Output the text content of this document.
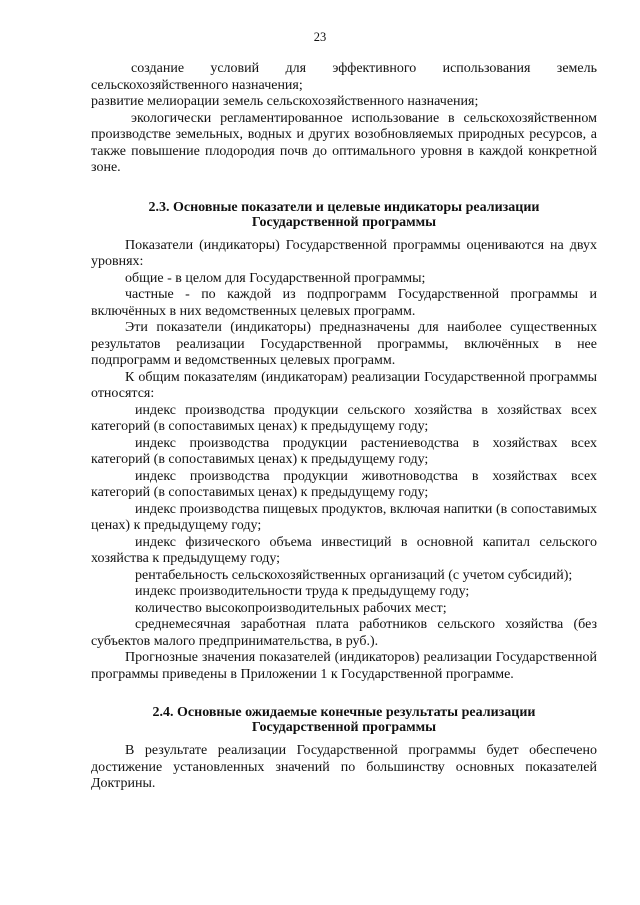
23

создание условий для эффективного использования земель сельскохозяйственного назначения;

развитие мелиорации земель сельскохозяйственного назначения;

экологически регламентированное использование в сельскохозяйственном производстве земельных, водных и других возобновляемых природных ресурсов, а также повышение плодородия почв до оптимального уровня в каждой конкретной зоне.

2.3. Основные показатели и целевые индикаторы реализации
Государственной программы

Показатели (индикаторы) Государственной программы оцениваются на двух уровнях:

общие - в целом для Государственной программы;

частные - по каждой из подпрограмм Государственной программы и включённых в них ведомственных целевых программ.

Эти показатели (индикаторы) предназначены для наиболее существенных результатов реализации Государственной программы, включённых в нее подпрограмм и ведомственных целевых программ.

К общим показателям (индикаторам) реализации Государственной программы относятся:

индекс производства продукции сельского хозяйства в хозяйствах всех категорий (в сопоставимых ценах) к предыдущему году;

индекс производства продукции растениеводства в хозяйствах всех категорий (в сопоставимых ценах) к предыдущему году;

индекс производства продукции животноводства в хозяйствах всех категорий (в сопоставимых ценах) к предыдущему году;

индекс производства пищевых продуктов, включая напитки (в сопоставимых ценах) к предыдущему году;

индекс физического объема инвестиций в основной капитал сельского хозяйства к предыдущему году;

рентабельность сельскохозяйственных организаций (с учетом субсидий);

индекс производительности труда к предыдущему году;

количество высокопроизводительных рабочих мест;

среднемесячная заработная плата работников сельского хозяйства (без субъектов малого предпринимательства, в руб.).

Прогнозные значения показателей (индикаторов) реализации Государственной программы приведены в Приложении 1 к Государственной программе.

2.4. Основные ожидаемые конечные результаты реализации
Государственной программы

В результате реализации Государственной программы будет обеспечено достижение установленных значений по большинству основных показателей Доктрины.
